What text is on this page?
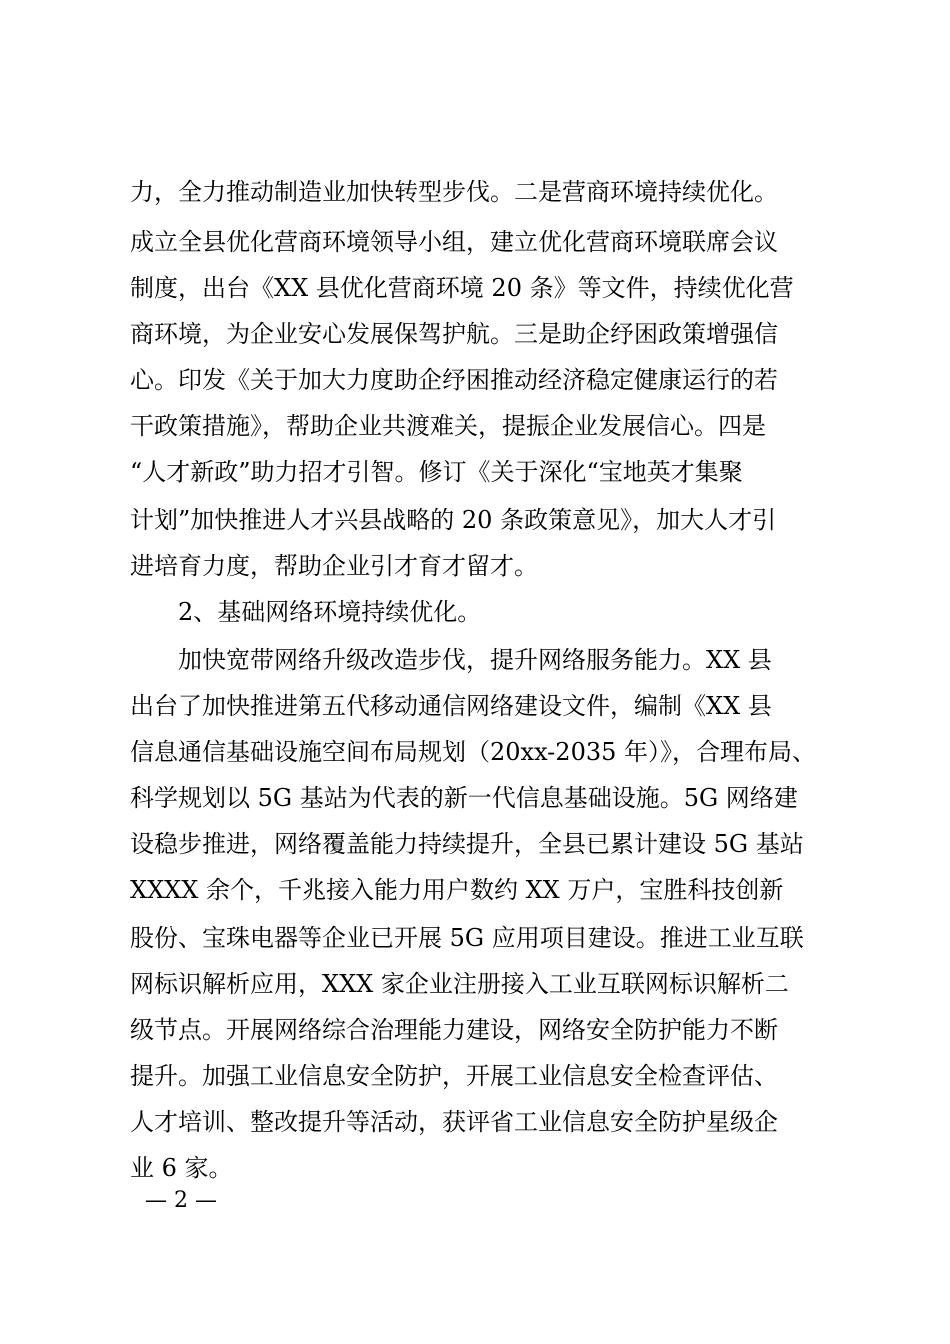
力，全力推动制造业加快转型步伐。二是营商环境持续优化。
成立全县优化营商环境领导小组，建立优化营商环境联席会议
制度，出台《XX 县优化营商环境 20 条》等文件，持续优化营
商环境，为企业安心发展保驾护航。三是助企纾困政策增强信
心。印发《关于加大力度助企纾困推动经济稳定健康运行的若
干政策措施》，帮助企业共渡难关，提振企业发展信心。四是
“人才新政”助力招才引智。修订《关于深化“宝地英才集聚
计划”加快推进人才兴县战略的 20 条政策意见》，加大人才引
进培育力度，帮助企业引才育才留才。
2、基础网络环境持续优化。
加快宽带网络升级改造步伐，提升网络服务能力。XX 县
出台了加快推进第五代移动通信网络建设文件，编制《XX 县
信息通信基础设施空间布局规划（20xx-2035 年）》，合理布局、
科学规划以 5G 基站为代表的新一代信息基础设施。5G 网络建
设稳步推进，网络覆盖能力持续提升，全县已累计建设 5G 基站
XXXX 余个，千兆接入能力用户数约 XX 万户，宝胜科技创新
股份、宝珠电器等企业已开展 5G 应用项目建设。推进工业互联
网标识解析应用，XXX 家企业注册接入工业互联网标识解析二
级节点。开展网络综合治理能力建设，网络安全防护能力不断
提升。加强工业信息安全防护，开展工业信息安全检查评估、
人才培训、整改提升等活动，获评省工业信息安全防护星级企
业 6 家。
— 2 —
